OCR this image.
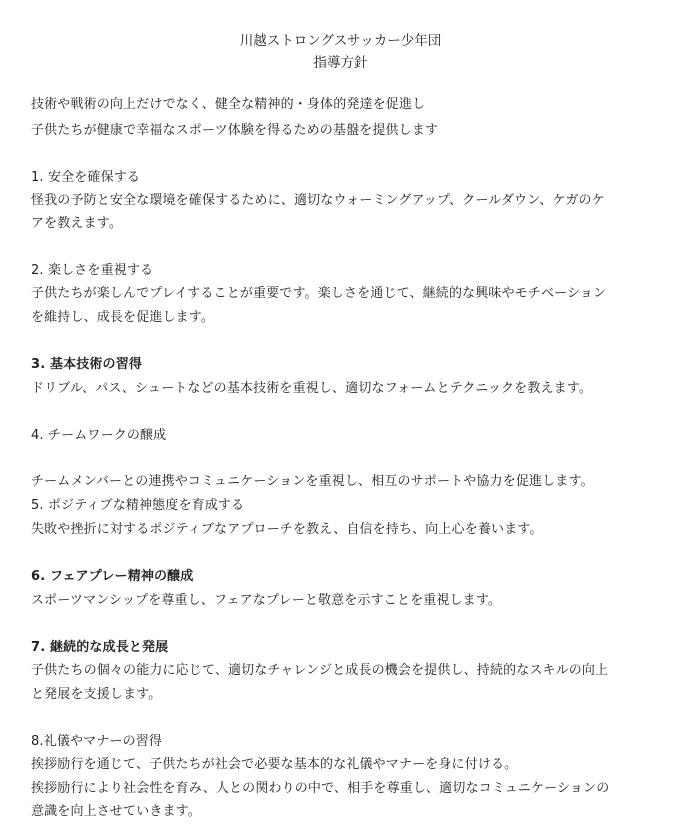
川越ストロングスサッカー少年団
指導方針
技術や戦術の向上だけでなく、健全な精神的・身体的発達を促進し
子供たちが健康で幸福なスポーツ体験を得るための基盤を提供します
1. 安全を確保する
怪我の予防と安全な環境を確保するために、適切なウォーミングアップ、クールダウン、ケガのケ
アを教えます。
2. 楽しさを重視する
子供たちが楽しんでプレイすることが重要です。楽しさを通じて、継続的な興味やモチベーション
を維持し、成長を促進します。
3. 基本技術の習得
ドリブル、パス、シュートなどの基本技術を重視し、適切なフォームとテクニックを教えます。
4. チームワークの醸成
チームメンバーとの連携やコミュニケーションを重視し、相互のサポートや協力を促進します。
5. ポジティブな精神態度を育成する
失敗や挫折に対するポジティブなアプローチを教え、自信を持ち、向上心を養います。
6. フェアプレー精神の醸成
スポーツマンシップを尊重し、フェアなプレーと敬意を示すことを重視します。
7. 継続的な成長と発展
子供たちの個々の能力に応じて、適切なチャレンジと成長の機会を提供し、持続的なスキルの向上
と発展を支援します。
8.礼儀やマナーの習得
挨拶励行を通じて、子供たちが社会で必要な基本的な礼儀やマナーを身に付ける。
挨拶励行により社会性を育み、人との関わりの中で、相手を尊重し、適切なコミュニケーションの
意識を向上させていきます。
